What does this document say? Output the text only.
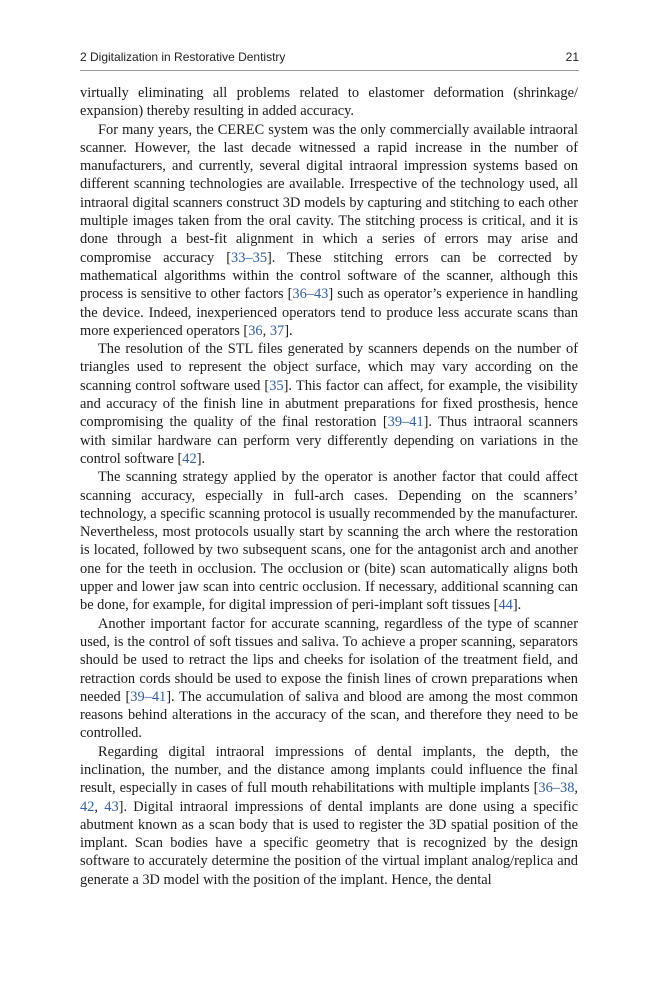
2 Digitalization in Restorative Dentistry	21

virtually eliminating all problems related to elastomer deformation (shrinkage/ expansion) thereby resulting in added accuracy.

For many years, the CEREC system was the only commercially available intraoral scanner. However, the last decade witnessed a rapid increase in the number of manufacturers, and currently, several digital intraoral impression systems based on different scanning technologies are available. Irrespective of the technology used, all intraoral digital scanners construct 3D models by capturing and stitching to each other multiple images taken from the oral cavity. The stitching process is critical, and it is done through a best-fit alignment in which a series of errors may arise and compromise accuracy [33–35]. These stitching errors can be corrected by mathematical algorithms within the control software of the scanner, although this process is sensitive to other factors [36–43] such as operator’s experience in handling the device. Indeed, inexperienced operators tend to produce less accurate scans than more experienced operators [36, 37].

The resolution of the STL files generated by scanners depends on the number of triangles used to represent the object surface, which may vary according on the scanning control software used [35]. This factor can affect, for example, the visibility and accuracy of the finish line in abutment preparations for fixed prosthesis, hence compromising the quality of the final restoration [39–41]. Thus intraoral scanners with similar hardware can perform very differently depending on variations in the control software [42].

The scanning strategy applied by the operator is another factor that could affect scanning accuracy, especially in full-arch cases. Depending on the scanners’ technology, a specific scanning protocol is usually recommended by the manufacturer. Nevertheless, most protocols usually start by scanning the arch where the restoration is located, followed by two subsequent scans, one for the antagonist arch and another one for the teeth in occlusion. The occlusion or (bite) scan automatically aligns both upper and lower jaw scan into centric occlusion. If necessary, additional scanning can be done, for example, for digital impression of peri-implant soft tissues [44].

Another important factor for accurate scanning, regardless of the type of scanner used, is the control of soft tissues and saliva. To achieve a proper scanning, separators should be used to retract the lips and cheeks for isolation of the treatment field, and retraction cords should be used to expose the finish lines of crown preparations when needed [39–41]. The accumulation of saliva and blood are among the most common reasons behind alterations in the accuracy of the scan, and therefore they need to be controlled.

Regarding digital intraoral impressions of dental implants, the depth, the inclination, the number, and the distance among implants could influence the final result, especially in cases of full mouth rehabilitations with multiple implants [36–38, 42, 43]. Digital intraoral impressions of dental implants are done using a specific abutment known as a scan body that is used to register the 3D spatial position of the implant. Scan bodies have a specific geometry that is recognized by the design software to accurately determine the position of the virtual implant analog/replica and generate a 3D model with the position of the implant. Hence, the dental
